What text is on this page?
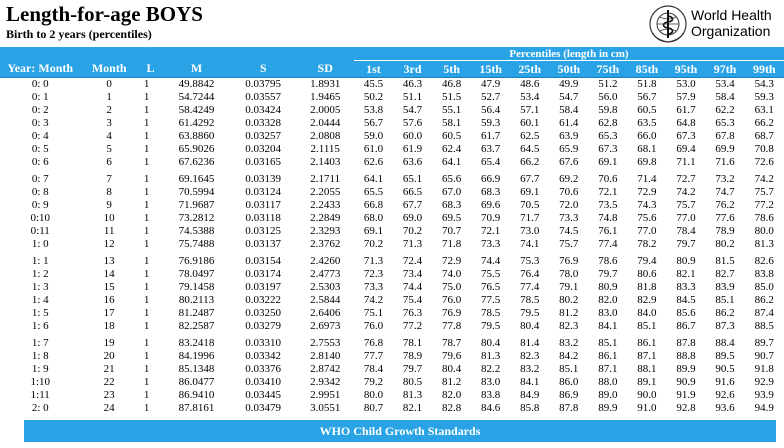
Length-for-age BOYS
Birth to 2 years (percentiles)
World Health
Organization
						Percentiles (length in cm)										
Year: Month	Month	L	M	S	SD	1st	3rd	5th	15th	25th	50th	75th	85th	95th	97th	99th
0: 0	0	1	49.8842	0.03795	1.8931	45.5	46.3	46.8	47.9	48.6	49.9	51.2	51.8	53.0	53.4	54.3
0: 1	1	1	54.7244	0.03557	1.9465	50.2	51.1	51.5	52.7	53.4	54.7	56.0	56.7	57.9	58.4	59.3
0: 2	2	1	58.4249	0.03424	2.0005	53.8	54.7	55.1	56.4	57.1	58.4	59.8	60.5	61.7	62.2	63.1
0: 3	3	1	61.4292	0.03328	2.0444	56.7	57.6	58.1	59.3	60.1	61.4	62.8	63.5	64.8	65.3	66.2
0: 4	4	1	63.8860	0.03257	2.0808	59.0	60.0	60.5	61.7	62.5	63.9	65.3	66.0	67.3	67.8	68.7
0: 5	5	1	65.9026	0.03204	2.1115	61.0	61.9	62.4	63.7	64.5	65.9	67.3	68.1	69.4	69.9	70.8
0: 6	6	1	67.6236	0.03165	2.1403	62.6	63.6	64.1	65.4	66.2	67.6	69.1	69.8	71.1	71.6	72.6
0: 7	7	1	69.1645	0.03139	2.1711	64.1	65.1	65.6	66.9	67.7	69.2	70.6	71.4	72.7	73.2	74.2
0: 8	8	1	70.5994	0.03124	2.2055	65.5	66.5	67.0	68.3	69.1	70.6	72.1	72.9	74.2	74.7	75.7
0: 9	9	1	71.9687	0.03117	2.2433	66.8	67.7	68.3	69.6	70.5	72.0	73.5	74.3	75.7	76.2	77.2
0:10	10	1	73.2812	0.03118	2.2849	68.0	69.0	69.5	70.9	71.7	73.3	74.8	75.6	77.0	77.6	78.6
0:11	11	1	74.5388	0.03125	2.3293	69.1	70.2	70.7	72.1	73.0	74.5	76.1	77.0	78.4	78.9	80.0
1: 0	12	1	75.7488	0.03137	2.3762	70.2	71.3	71.8	73.3	74.1	75.7	77.4	78.2	79.7	80.2	81.3
1: 1	13	1	76.9186	0.03154	2.4260	71.3	72.4	72.9	74.4	75.3	76.9	78.6	79.4	80.9	81.5	82.6
1: 2	14	1	78.0497	0.03174	2.4773	72.3	73.4	74.0	75.5	76.4	78.0	79.7	80.6	82.1	82.7	83.8
1: 3	15	1	79.1458	0.03197	2.5303	73.3	74.4	75.0	76.5	77.4	79.1	80.9	81.8	83.3	83.9	85.0
1: 4	16	1	80.2113	0.03222	2.5844	74.2	75.4	76.0	77.5	78.5	80.2	82.0	82.9	84.5	85.1	86.2
1: 5	17	1	81.2487	0.03250	2.6406	75.1	76.3	76.9	78.5	79.5	81.2	83.0	84.0	85.6	86.2	87.4
1: 6	18	1	82.2587	0.03279	2.6973	76.0	77.2	77.8	79.5	80.4	82.3	84.1	85.1	86.7	87.3	88.5
1: 7	19	1	83.2418	0.03310	2.7553	76.8	78.1	78.7	80.4	81.4	83.2	85.1	86.1	87.8	88.4	89.7
1: 8	20	1	84.1996	0.03342	2.8140	77.7	78.9	79.6	81.3	82.3	84.2	86.1	87.1	88.8	89.5	90.7
1: 9	21	1	85.1348	0.03376	2.8742	78.4	79.7	80.4	82.2	83.2	85.1	87.1	88.1	89.9	90.5	91.8
1:10	22	1	86.0477	0.03410	2.9342	79.2	80.5	81.2	83.0	84.1	86.0	88.0	89.1	90.9	91.6	92.9
1:11	23	1	86.9410	0.03445	2.9951	80.0	81.3	82.0	83.8	84.9	86.9	89.0	90.0	91.9	92.6	93.9
2: 0	24	1	87.8161	0.03479	3.0551	80.7	82.1	82.8	84.6	85.8	87.8	89.9	91.0	92.8	93.6	94.9
WHO Child Growth Standards
